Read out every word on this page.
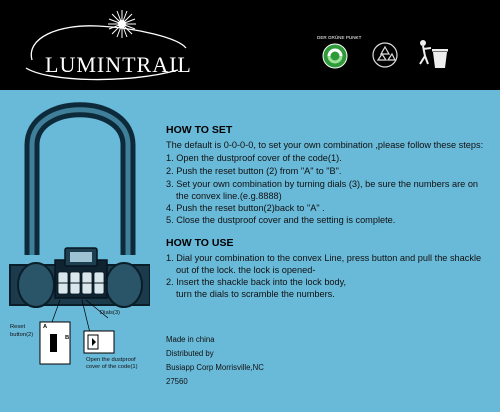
LUMINTRAIL
DER GRÜNE PUNKT
HOW TO SET
The default is 0-0-0-0, to set your own combination ,please follow these steps:
1. Open the dustproof cover of the code(1).
2. Push the reset button (2) from "A" to "B".
3. Set your own combination by turning dials (3), be sure the numbers are on
the convex line.(e.g.8888)
4. Push the reset button(2)back to "A" .
5. Close the dustproof cover and the setting is complete.
HOW TO USE
1. Dial your combination to the convex Line, press button and pull the shackle
out of the lock. the lock is opened-
2. Insert the shackle back into the lock body,
turn the dials to scramble the numbers.
Made in china
Distributed by
Busiapp Corp Morrisville,NC
27560
Dials(3)
Reset
button(2)
A
B
Open the dustproof
cover of the code(1)
